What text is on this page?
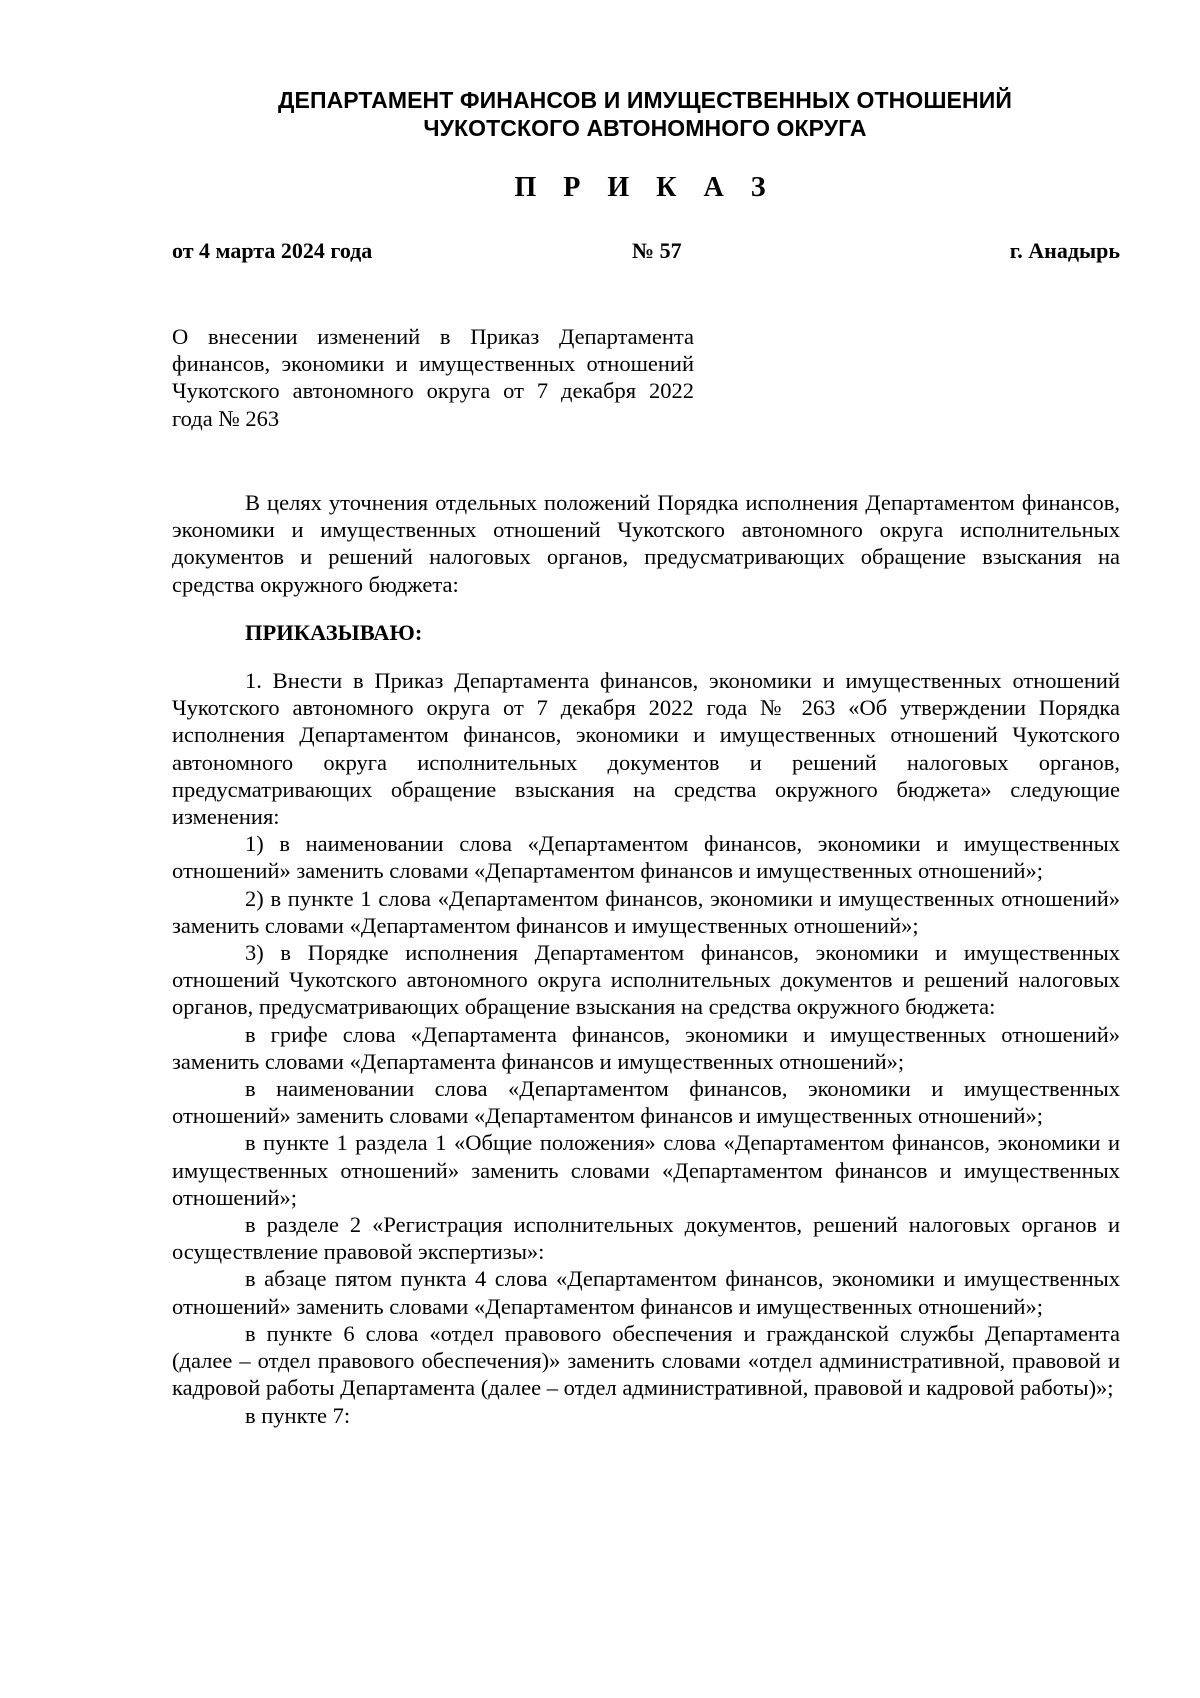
ДЕПАРТАМЕНТ ФИНАНСОВ И ИМУЩЕСТВЕННЫХ ОТНОШЕНИЙ
ЧУКОТСКОГО АВТОНОМНОГО ОКРУГА
П Р И К А З
от 4 марта 2024 года	№ 57	г. Анадырь
О внесении изменений в Приказ Департамента финансов, экономики и имущественных отношений Чукотского автономного округа от 7 декабря 2022 года № 263

В целях уточнения отдельных положений Порядка исполнения Департаментом финансов, экономики и имущественных отношений Чукотского автономного округа исполнительных документов и решений налоговых органов, предусматривающих обращение взыскания на средства окружного бюджета:

ПРИКАЗЫВАЮ:

1. Внести в Приказ Департамента финансов, экономики и имущественных отношений Чукотского автономного округа от 7 декабря 2022 года № 263 «Об утверждении Порядка исполнения Департаментом финансов, экономики и имущественных отношений Чукотского автономного округа исполнительных документов и решений налоговых органов, предусматривающих обращение взыскания на средства окружного бюджета» следующие изменения:

1) в наименовании слова «Департаментом финансов, экономики и имущественных отношений» заменить словами «Департаментом финансов и имущественных отношений»;

2) в пункте 1 слова «Департаментом финансов, экономики и имущественных отношений» заменить словами «Департаментом финансов и имущественных отношений»;

3) в Порядке исполнения Департаментом финансов, экономики и имущественных отношений Чукотского автономного округа исполнительных документов и решений налоговых органов, предусматривающих обращение взыскания на средства окружного бюджета:

в грифе слова «Департамента финансов, экономики и имущественных отношений» заменить словами «Департамента финансов и имущественных отношений»;

в наименовании слова «Департаментом финансов, экономики и имущественных отношений» заменить словами «Департаментом финансов и имущественных отношений»;

в пункте 1 раздела 1 «Общие положения» слова «Департаментом финансов, экономики и имущественных отношений» заменить словами «Департаментом финансов и имущественных отношений»;

в разделе 2 «Регистрация исполнительных документов, решений налоговых органов и осуществление правовой экспертизы»:

в абзаце пятом пункта 4 слова «Департаментом финансов, экономики и имущественных отношений» заменить словами «Департаментом финансов и имущественных отношений»;

в пункте 6 слова «отдел правового обеспечения и гражданской службы Департамента (далее – отдел правового обеспечения)» заменить словами «отдел административной, правовой и кадровой работы Департамента (далее – отдел административной, правовой и кадровой работы)»;

в пункте 7:
